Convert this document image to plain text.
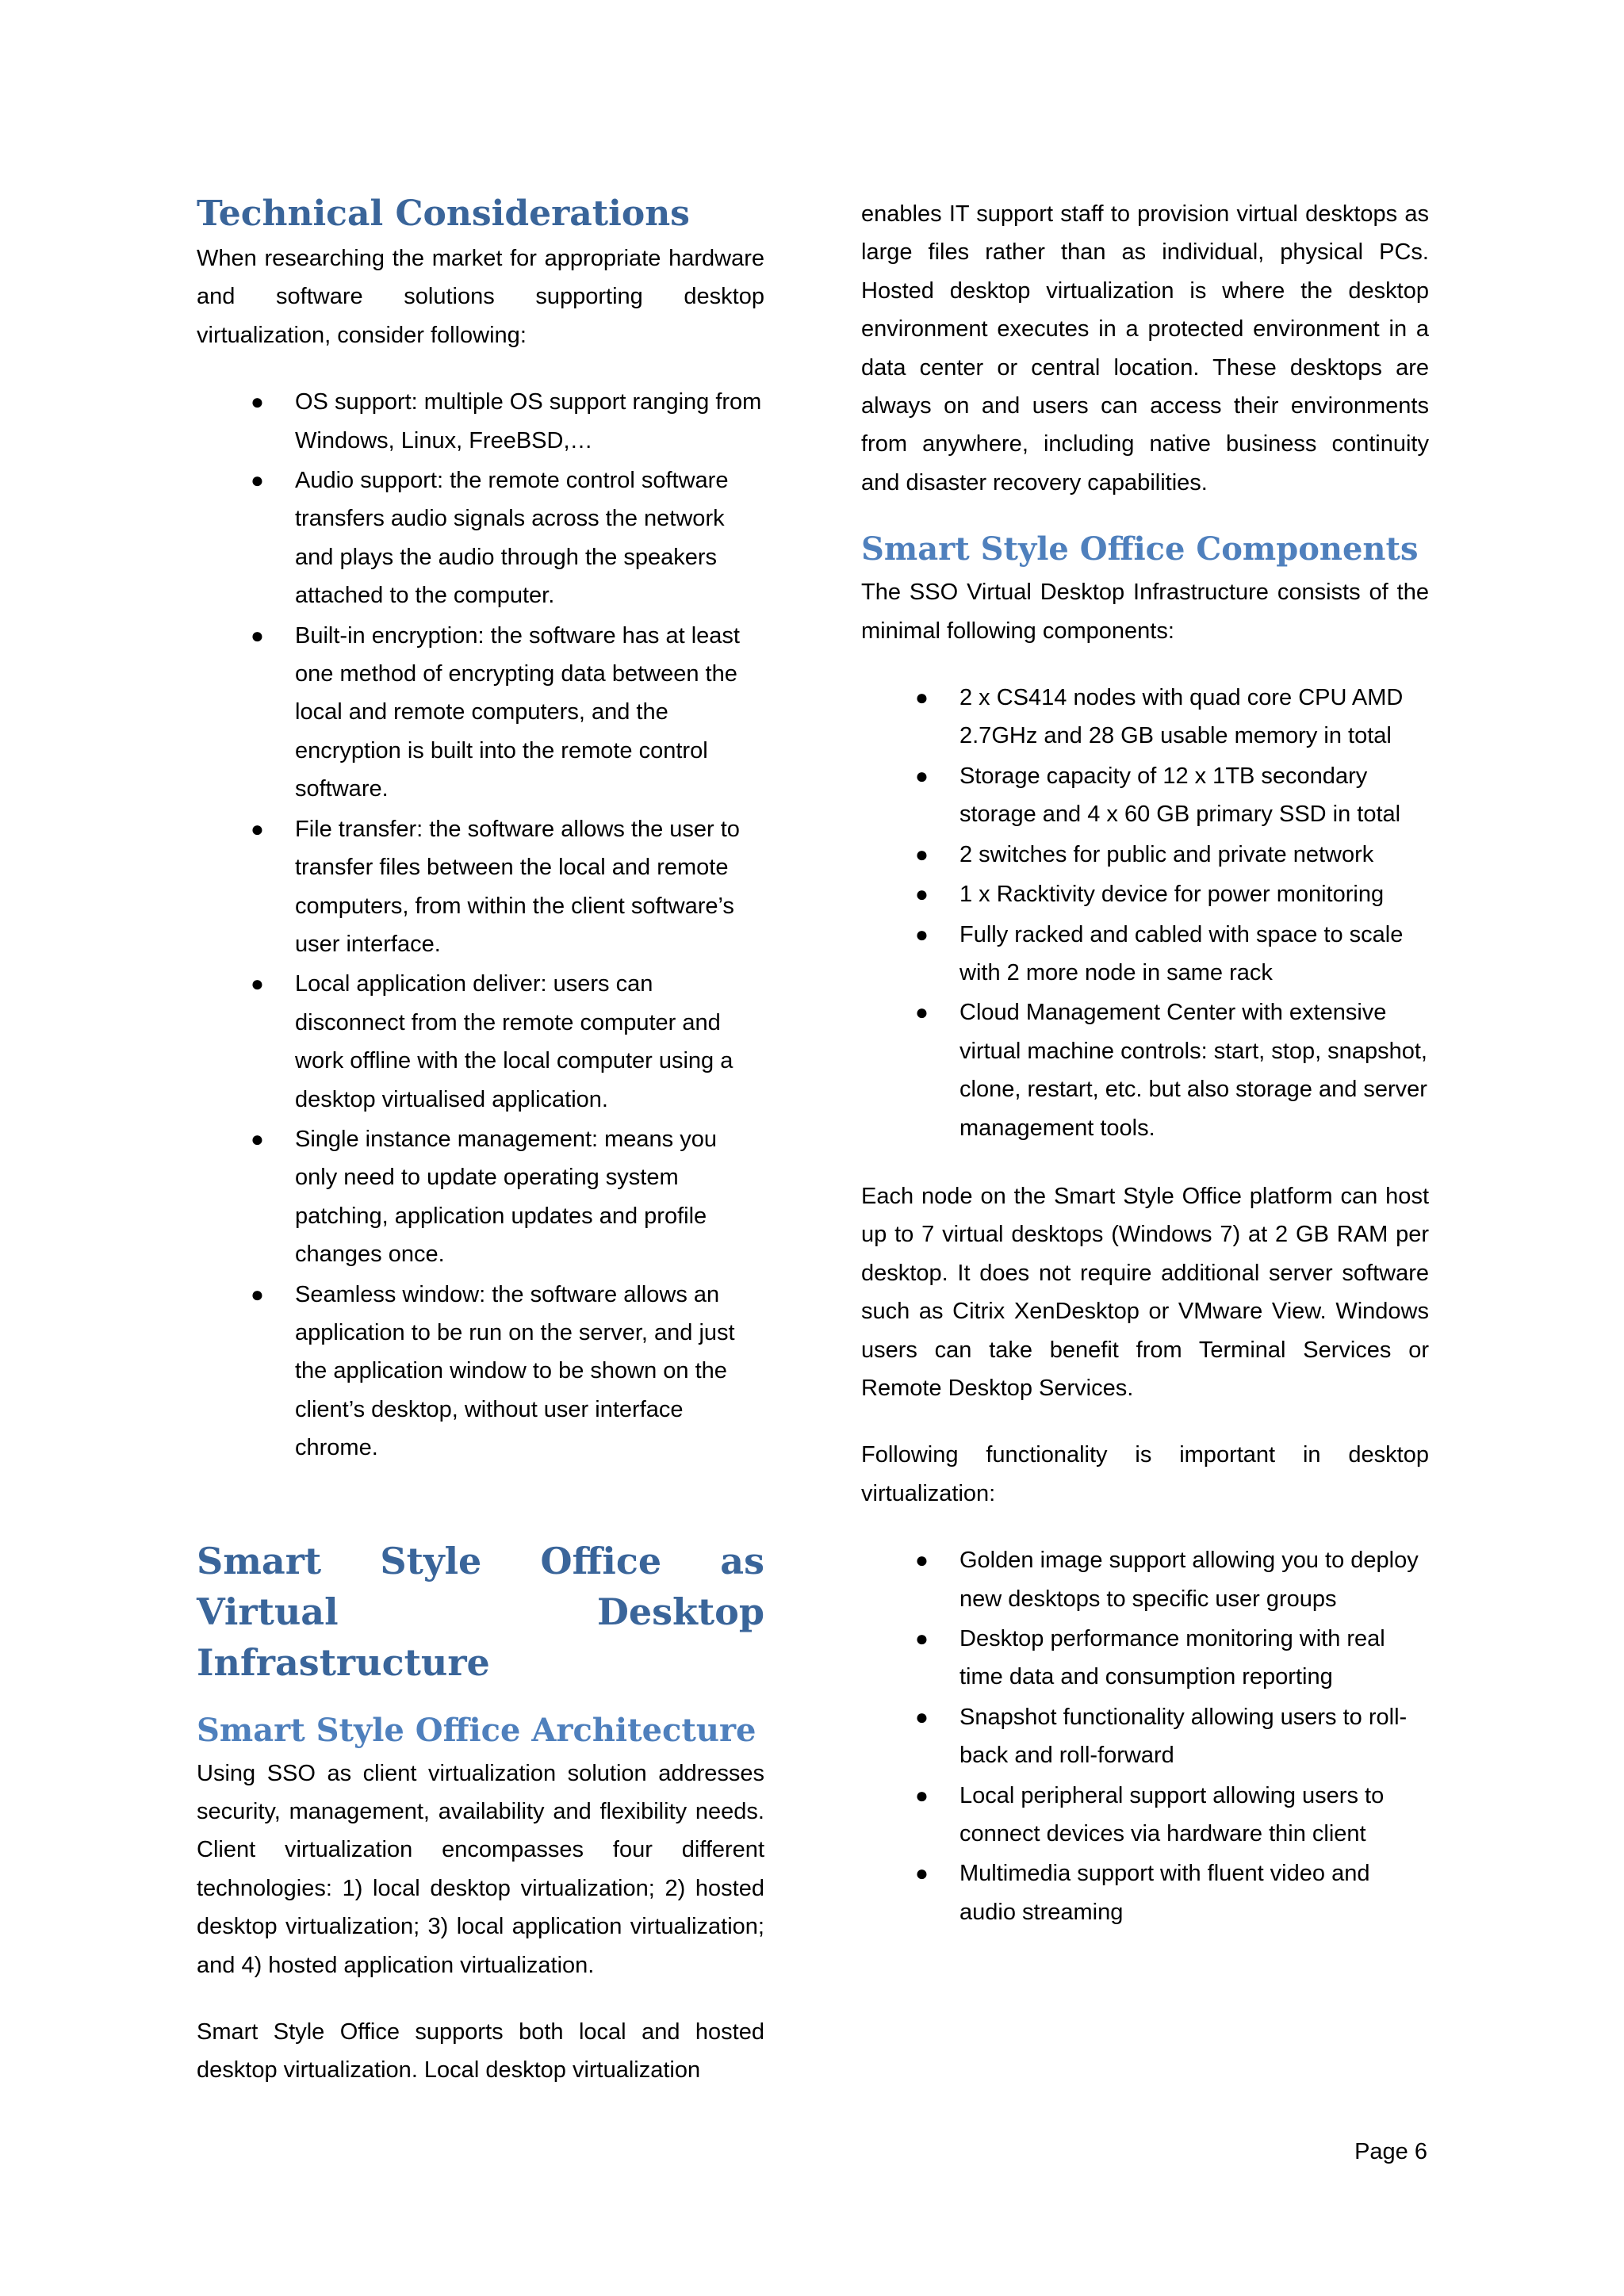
Technical Considerations

When researching the market for appropriate hardware and software solutions supporting desktop virtualization, consider following:

● OS support: multiple OS support ranging from Windows, Linux, FreeBSD,…
● Audio support: the remote control software transfers audio signals across the network and plays the audio through the speakers attached to the computer.
● Built-in encryption: the software has at least one method of encrypting data between the local and remote computers, and the encryption is built into the remote control software.
● File transfer: the software allows the user to transfer files between the local and remote computers, from within the client software’s user interface.
● Local application deliver: users can disconnect from the remote computer and work offline with the local computer using a desktop virtualised application.
● Single instance management: means you only need to update operating system patching, application updates and profile changes once.
● Seamless window: the software allows an application to be run on the server, and just the application window to be shown on the client’s desktop, without user interface chrome.
Smart Style Office as Virtual Desktop Infrastructure
Smart Style Office Architecture

Using SSO as client virtualization solution addresses security, management, availability and flexibility needs. Client virtualization encompasses four different technologies: 1) local desktop virtualization; 2) hosted desktop virtualization; 3) local application virtualization; and 4) hosted application virtualization.

Smart Style Office supports both local and hosted desktop virtualization. Local desktop virtualization

enables IT support staff to provision virtual desktops as large files rather than as individual, physical PCs. Hosted desktop virtualization is where the desktop environment executes in a protected environment in a data center or central location. These desktops are always on and users can access their environments from anywhere, including native business continuity and disaster recovery capabilities.

Smart Style Office Components

The SSO Virtual Desktop Infrastructure consists of the minimal following components:

● 2 x CS414 nodes with quad core CPU AMD 2.7GHz and 28 GB usable memory in total
● Storage capacity of 12 x 1TB secondary storage and 4 x 60 GB primary SSD in total
● 2 switches for public and private network
● 1 x Racktivity device for power monitoring
● Fully racked and cabled with space to scale with 2 more node in same rack
● Cloud Management Center with extensive virtual machine controls: start, stop, snapshot, clone, restart, etc. but also storage and server management tools.

Each node on the Smart Style Office platform can host up to 7 virtual desktops (Windows 7) at 2 GB RAM per desktop. It does not require additional server software such as Citrix XenDesktop or VMware View. Windows users can take benefit from Terminal Services or Remote Desktop Services.

Following functionality is important in desktop virtualization:

● Golden image support allowing you to deploy new desktops to specific user groups
● Desktop performance monitoring with real time data and consumption reporting
● Snapshot functionality allowing users to roll-back and roll-forward
● Local peripheral support allowing users to connect devices via hardware thin client
● Multimedia support with fluent video and audio streaming
Page 6
